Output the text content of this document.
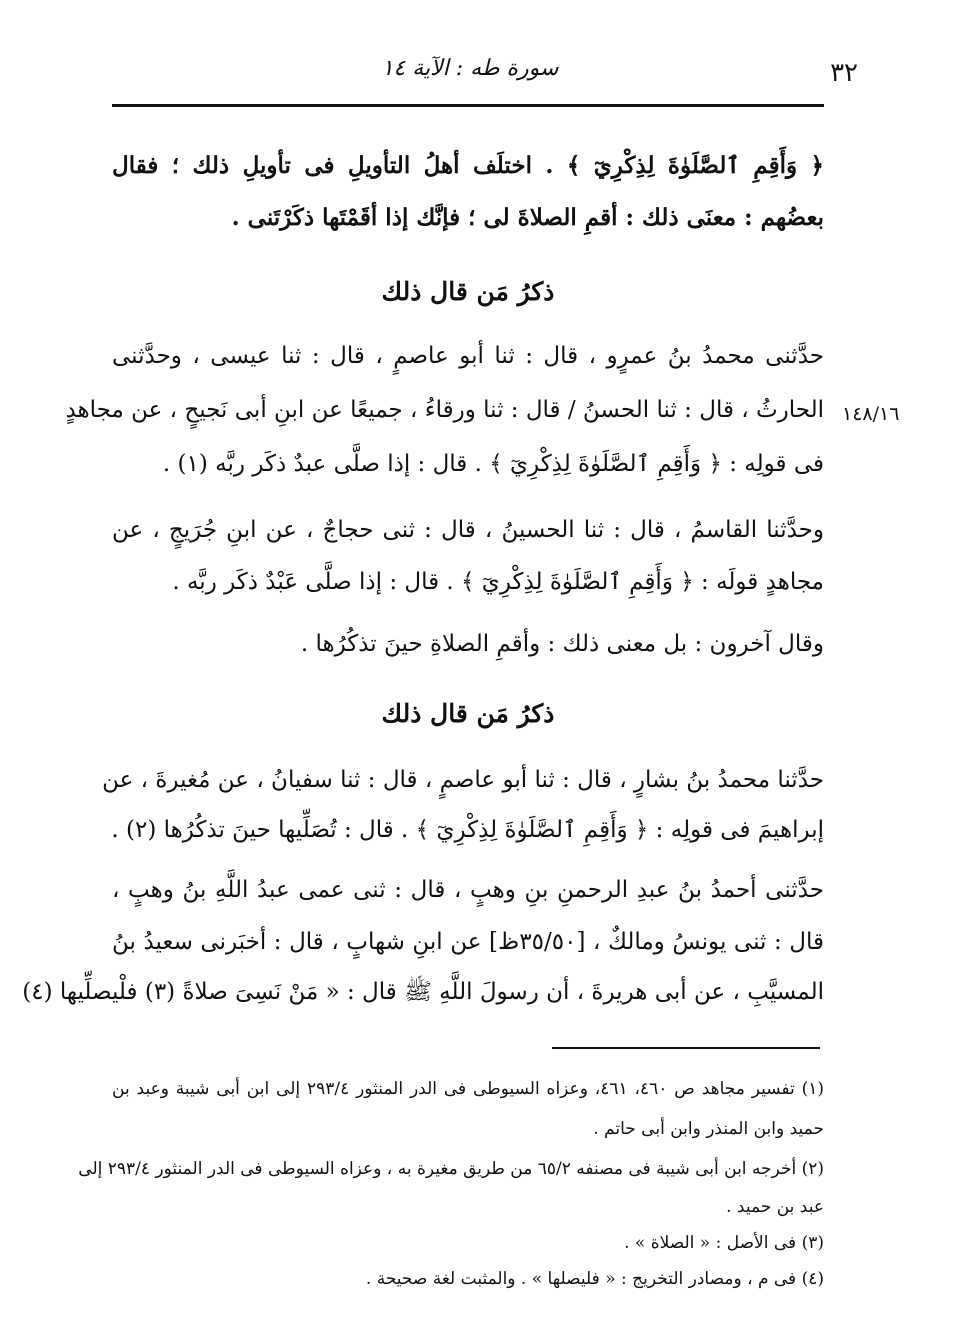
٣٢
سورة طه : الآية ١٤
﴿ وَأَقِمِ ٱلصَّلَوٰةَ لِذِكْرِيٓ ﴾ . اختلَف أهلُ التأويلِ فى تأويلِ ذلك ؛ فقال
بعضُهم : معنَى ذلك : أقمِ الصلاةَ لى ؛ فإنَّك إذا أقَمْتَها ذكَرْتَنى .
ذكرُ مَن قال ذلك
حدَّثنى محمدُ بنُ عمرٍو ، قال : ثنا أبو عاصمٍ ، قال : ثنا عيسى ، وحدَّثنى
الحارثُ ، قال : ثنا الحسنُ / قال : ثنا ورقاءُ ، جميعًا عن ابنِ أبى نَجيحٍ ، عن مجاهدٍ ١٤٨/١٦
فى قولِه : ﴿ وَأَقِمِ ٱلصَّلَوٰةَ لِذِكْرِيٓ ﴾ . قال : إذا صلَّى عبدٌ ذكَر ربَّه (١) .
وحدَّثنا القاسمُ ، قال : ثنا الحسينُ ، قال : ثنى حجاجٌ ، عن ابنِ جُرَيجٍ ، عن
مجاهدٍ قولَه : ﴿ وَأَقِمِ ٱلصَّلَوٰةَ لِذِكْرِيٓ ﴾ . قال : إذا صلَّى عَبْدٌ ذكَر ربَّه .
وقال آخرون : بل معنى ذلك : وأقمِ الصلاةِ حينَ تذكُرُها .
ذكرُ مَن قال ذلك
حدَّثنا محمدُ بنُ بشارٍ ، قال : ثنا أبو عاصمٍ ، قال : ثنا سفيانُ ، عن مُغيرةَ ، عن
إبراهيمَ فى قولِه : ﴿ وَأَقِمِ ٱلصَّلَوٰةَ لِذِكْرِيٓ ﴾ . قال : تُصَلِّيها حينَ تذكُرُها (٢) .
حدَّثنى أحمدُ بنُ عبدِ الرحمنِ بنِ وهبٍ ، قال : ثنى عمى عبدُ اللَّهِ بنُ وهبٍ ،
قال : ثنى يونسُ ومالكٌ ، [٣٥/٥٠ظ] عن ابنِ شهابٍ ، قال : أخبَرنى سعيدُ بنُ
المسيَّبِ ، عن أبى هريرةَ ، أن رسولَ اللَّهِ ﷺ قال : « مَنْ نَسِىَ صلاةً (٣) فلْيصلِّيها (٤)
(١) تفسير مجاهد ص ٤٦٠، ٤٦١، وعزاه السيوطى فى الدر المنثور ٢٩٣/٤ إلى ابن أبى شيبة وعبد بن
حميد وابن المنذر وابن أبى حاتم .
(٢) أخرجه ابن أبى شيبة فى مصنفه ٦٥/٢ من طريق مغيرة به ، وعزاه السيوطى فى الدر المنثور ٢٩٣/٤ إلى
عبد بن حميد .
(٣) فى الأصل : « الصلاة » .
(٤) فى م ، ومصادر التخريج : « فليصلها » . والمثبت لغة صحيحة .
